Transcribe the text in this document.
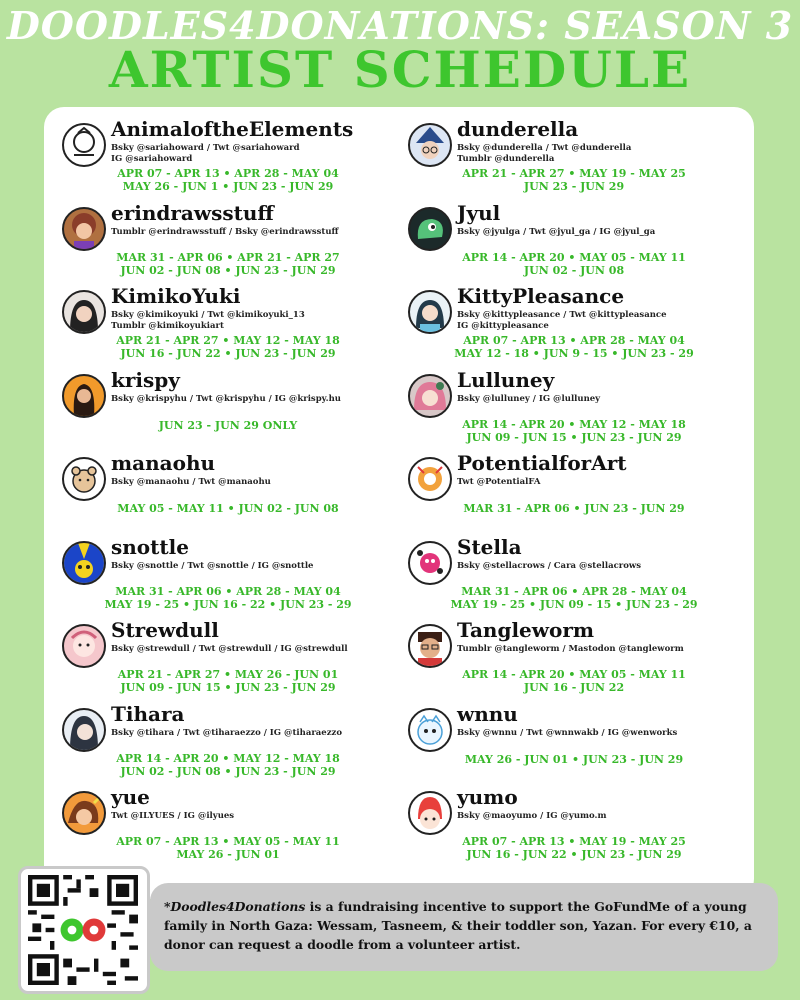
DOODLES4DONATIONS: SEASON 3
ARTIST SCHEDULE
AnimaloftheElements
Bsky @sariahoward / Twt @sariahoward
IG @sariahoward
APR 07 - APR 13 • APR 28 - MAY 04
MAY 26 - JUN 1 • JUN 23 - JUN 29
erindrawsstuff
Tumblr @erindrawsstuff / Bsky @erindrawsstuff
MAR 31 - APR 06 • APR 21 - APR 27
JUN 02 - JUN 08 • JUN 23 - JUN 29
KimikoYuki
Bsky @kimikoyuki / Twt @kimikoyuki_13
Tumblr @kimikoyukiart
APR 21 - APR 27 • MAY 12 - MAY 18
JUN 16 - JUN 22 • JUN 23 - JUN 29
krispy
Bsky @krispyhu / Twt @krispyhu / IG @krispy.hu
JUN 23 - JUN 29 ONLY
manaohu
Bsky @manaohu / Twt @manaohu
MAY 05 - MAY 11 • JUN 02 - JUN 08
snottle
Bsky @snottle / Twt @snottle / IG @snottle
MAR 31 - APR 06 • APR 28 - MAY 04
MAY 19 - 25 • JUN 16 - 22 • JUN 23 - 29
Strewdull
Bsky @strewdull / Twt @strewdull / IG @strewdull
APR 21 - APR 27 • MAY 26 - JUN 01
JUN 09 - JUN 15 • JUN 23 - JUN 29
Tihara
Bsky @tihara / Twt @tiharaezzo / IG @tiharaezzo
APR 14 - APR 20 • MAY 12 - MAY 18
JUN 02 - JUN 08 • JUN 23 - JUN 29
yue
Twt @ILYUES / IG @ilyues
APR 07 - APR 13 • MAY 05 - MAY 11
MAY 26 - JUN 01
dunderella
Bsky @dunderella / Twt @dunderella
Tumblr @dunderella
APR 21 - APR 27 • MAY 19 - MAY 25
JUN 23 - JUN 29
Jyul
Bsky @jyulga / Twt @jyul_ga / IG @jyul_ga
APR 14 - APR 20 • MAY 05 - MAY 11
JUN 02 - JUN 08
KittyPleasance
Bsky @kittypleasance / Twt @kittypleasance
IG @kittypleasance
APR 07 - APR 13 • APR 28 - MAY 04
MAY 12 - 18 • JUN 9 - 15 • JUN 23 - 29
Lulluney
Bsky @lulluney / IG @lulluney
APR 14 - APR 20 • MAY 12 - MAY 18
JUN 09 - JUN 15 • JUN 23 - JUN 29
PotentialforArt
Twt @PotentialFA
MAR 31 - APR 06 • JUN 23 - JUN 29
Stella
Bsky @stellacrows / Cara @stellacrows
MAR 31 - APR 06 • APR 28 - MAY 04
MAY 19 - 25 • JUN 09 - 15 • JUN 23 - 29
Tangleworm
Tumblr @tangleworm / Mastodon @tangleworm
APR 14 - APR 20 • MAY 05 - MAY 11
JUN 16 - JUN 22
wnnu
Bsky @wnnu / Twt @wnnwakb / IG @wenworks
MAY 26 - JUN 01 • JUN 23 - JUN 29
yumo
Bsky @maoyumo / IG @yumo.m
APR 07 - APR 13 • MAY 19 - MAY 25
JUN 16 - JUN 22 • JUN 23 - JUN 29
*Doodles4Donations is a fundraising incentive to support the GoFundMe of a young family in North Gaza: Wessam, Tasneem, & their toddler son, Yazan. For every €10, a donor can request a doodle from a volunteer artist.
